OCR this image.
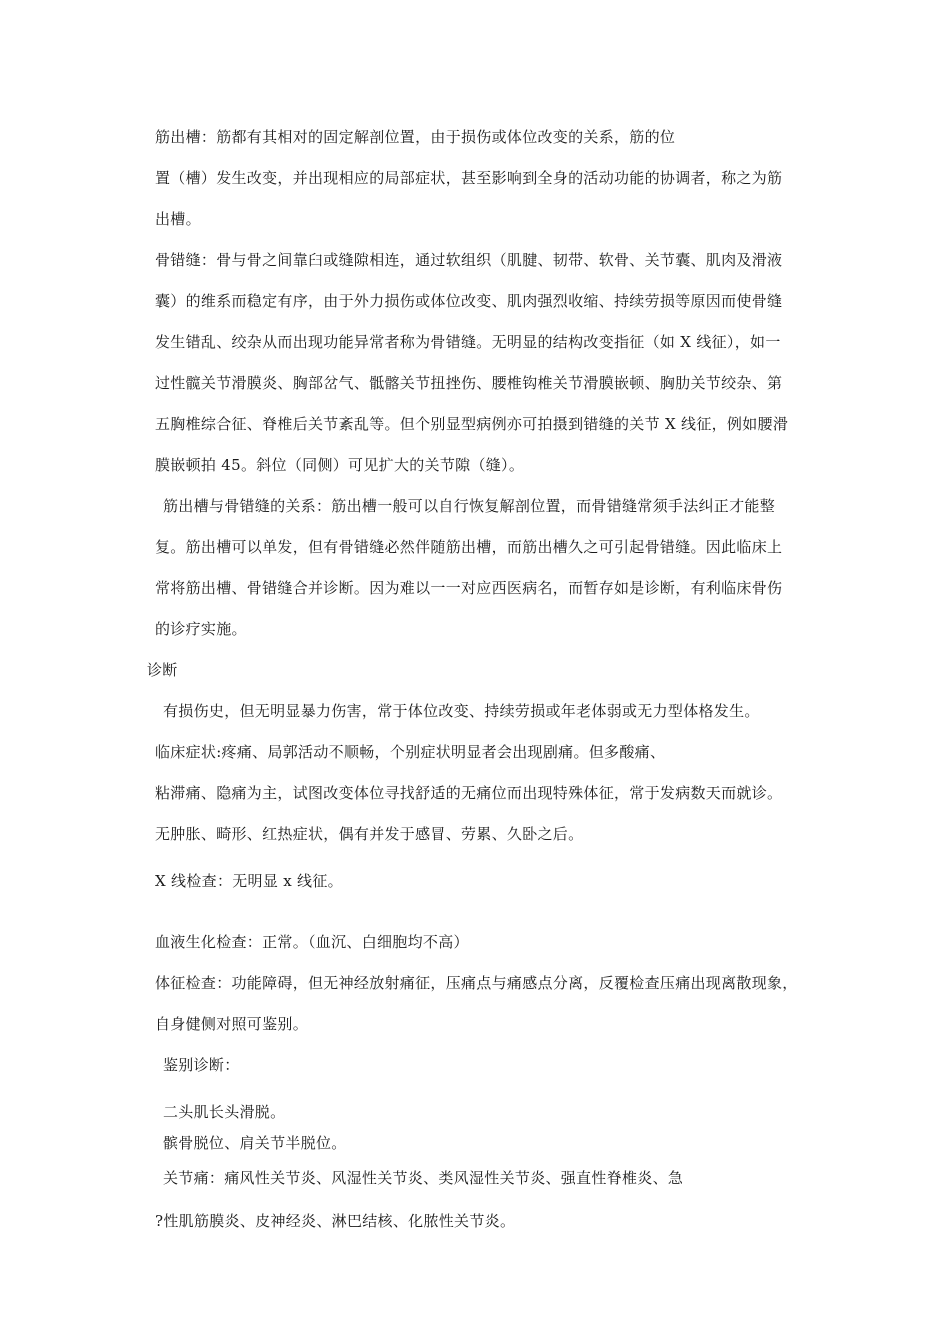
筋出槽：筋都有其相对的固定解剖位置，由于损伤或体位改变的关系，筋的位
置（槽）发生改变，并出现相应的局部症状，甚至影响到全身的活动功能的协调者，称之为筋
出槽。
骨错缝：骨与骨之间靠臼或缝隙相连，通过软组织（肌腱、韧带、软骨、关节囊、肌肉及滑液
囊）的维系而稳定有序，由于外力损伤或体位改变、肌肉强烈收缩、持续劳损等原因而使骨缝
发生错乱、绞杂从而出现功能异常者称为骨错缝。无明显的结构改变指征（如 X 线征），如一
过性髋关节滑膜炎、胸部岔气、骶髂关节扭挫伤、腰椎钩椎关节滑膜嵌顿、胸肋关节绞杂、第
五胸椎综合征、脊椎后关节紊乱等。但个别显型病例亦可拍摄到错缝的关节 X 线征，例如腰滑
膜嵌顿拍 45。斜位（同侧）可见扩大的关节隙（缝）。
筋出槽与骨错缝的关系：筋出槽一般可以自行恢复解剖位置，而骨错缝常须手法纠正才能整
复。筋出槽可以单发，但有骨错缝必然伴随筋出槽，而筋出槽久之可引起骨错缝。因此临床上
常将筋出槽、骨错缝合并诊断。因为难以一一对应西医病名，而暂存如是诊断，有利临床骨伤
的诊疗实施。
诊断
有损伤史，但无明显暴力伤害，常于体位改变、持续劳损或年老体弱或无力型体格发生。
临床症状:疼痛、局郭活动不顺畅，个别症状明显者会出现剧痛。但多酸痛、
粘滞痛、隐痛为主，试图改变体位寻找舒适的无痛位而出现特殊体征，常于发病数天而就诊。
无肿胀、畸形、红热症状，偶有并发于感冒、劳累、久卧之后。
X 线检查：无明显 x 线征。
血液生化检查：正常。（血沉、白细胞均不高）
体征检查：功能障碍，但无神经放射痛征，压痛点与痛感点分离，反覆检查压痛出现离散现象，
自身健侧对照可鉴别。
鉴别诊断：
二头肌长头滑脱。
髌骨脱位、肩关节半脱位。
关节痛：痛风性关节炎、风湿性关节炎、类风湿性关节炎、强直性脊椎炎、急
?性肌筋膜炎、皮神经炎、淋巴结核、化脓性关节炎。
